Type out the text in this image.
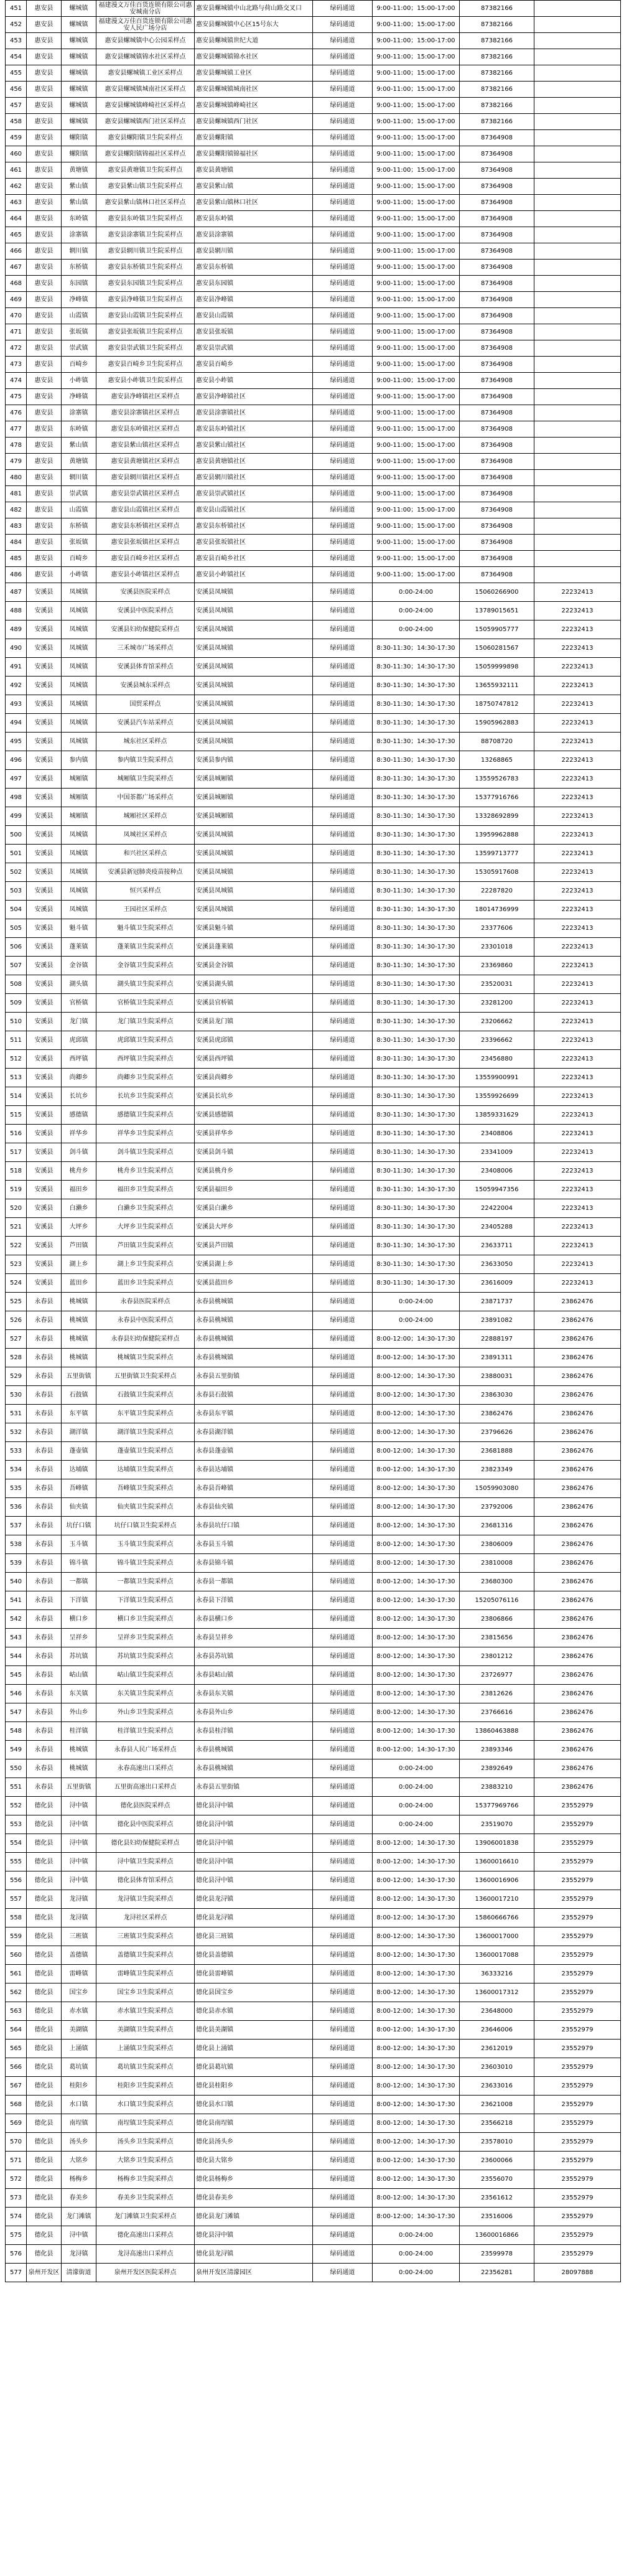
451	惠安县	螺城镇	福建漫文万佳百货连锁有限公司惠安城南分店	惠安县螺城镇中山北路与荷山路交叉口	绿码通道	9:00-11:00；15:00-17:00	87382166	
452	惠安县	螺城镇	福建漫文万佳百货连锁有限公司惠安人民广场分店	惠安县螺城镇中心区15号东大	绿码通道	9:00-11:00；15:00-17:00	87382166	
453	惠安县	螺城镇	惠安县螺城镇中心公园采样点	惠安县螺城镇世纪大道	绿码通道	9:00-11:00；15:00-17:00	87382166	
454	惠安县	螺城镇	惠安县螺城镇锦水社区采样点	惠安县螺城镇锦水社区	绿码通道	9:00-11:00；15:00-17:00	87382166	
455	惠安县	螺城镇	惠安县螺城镇工业区采样点	惠安县螺城镇工业区	绿码通道	9:00-11:00；15:00-17:00	87382166	
456	惠安县	螺城镇	惠安县螺城镇城南社区采样点	惠安县螺城镇城南社区	绿码通道	9:00-11:00；15:00-17:00	87382166	
457	惠安县	螺城镇	惠安县螺城镇峰崎社区采样点	惠安县螺城镇峰崎社区	绿码通道	9:00-11:00；15:00-17:00	87382166	
458	惠安县	螺城镇	惠安县螺城镇西门社区采样点	惠安县螺城镇西门社区	绿码通道	9:00-11:00；15:00-17:00	87382166	
459	惠安县	螺阳镇	惠安县螺阳镇卫生院采样点	惠安县螺阳镇	绿码通道	9:00-11:00；15:00-17:00	87364908	
460	惠安县	螺阳镇	惠安县螺阳镇锦福社区采样点	惠安县螺阳镇锦福社区	绿码通道	9:00-11:00；15:00-17:00	87364908	
461	惠安县	黄塘镇	惠安县黄塘镇卫生院采样点	惠安县黄塘镇	绿码通道	9:00-11:00；15:00-17:00	87364908	
462	惠安县	紫山镇	惠安县紫山镇卫生院采样点	惠安县紫山镇	绿码通道	9:00-11:00；15:00-17:00	87364908	
463	惠安县	紫山镇	惠安县紫山镇林口社区采样点	惠安县紫山镇林口社区	绿码通道	9:00-11:00；15:00-17:00	87364908	
464	惠安县	东岭镇	惠安县东岭镇卫生院采样点	惠安县东岭镇	绿码通道	9:00-11:00；15:00-17:00	87364908	
465	惠安县	涂寨镇	惠安县涂寨镇卫生院采样点	惠安县涂寨镇	绿码通道	9:00-11:00；15:00-17:00	87364908	
466	惠安县	辋川镇	惠安县辋川镇卫生院采样点	惠安县辋川镇	绿码通道	9:00-11:00；15:00-17:00	87364908	
467	惠安县	东桥镇	惠安县东桥镇卫生院采样点	惠安县东桥镇	绿码通道	9:00-11:00；15:00-17:00	87364908	
468	惠安县	东园镇	惠安县东园镇卫生院采样点	惠安县东园镇	绿码通道	9:00-11:00；15:00-17:00	87364908	
469	惠安县	净峰镇	惠安县净峰镇卫生院采样点	惠安县净峰镇	绿码通道	9:00-11:00；15:00-17:00	87364908	
470	惠安县	山霞镇	惠安县山霞镇卫生院采样点	惠安县山霞镇	绿码通道	9:00-11:00；15:00-17:00	87364908	
471	惠安县	张坂镇	惠安县张坂镇卫生院采样点	惠安县张坂镇	绿码通道	9:00-11:00；15:00-17:00	87364908	
472	惠安县	崇武镇	惠安县崇武镇卫生院采样点	惠安县崇武镇	绿码通道	9:00-11:00；15:00-17:00	87364908	
473	惠安县	百崎乡	惠安县百崎乡卫生院采样点	惠安县百崎乡	绿码通道	9:00-11:00；15:00-17:00	87364908	
474	惠安县	小岞镇	惠安县小岞镇卫生院采样点	惠安县小岞镇	绿码通道	9:00-11:00；15:00-17:00	87364908	
475	惠安县	净峰镇	惠安县净峰镇社区采样点	惠安县净峰镇社区	绿码通道	9:00-11:00；15:00-17:00	87364908	
476	惠安县	涂寨镇	惠安县涂寨镇社区采样点	惠安县涂寨镇社区	绿码通道	9:00-11:00；15:00-17:00	87364908	
477	惠安县	东岭镇	惠安县东岭镇社区采样点	惠安县东岭镇社区	绿码通道	9:00-11:00；15:00-17:00	87364908	
478	惠安县	紫山镇	惠安县紫山镇社区采样点	惠安县紫山镇社区	绿码通道	9:00-11:00；15:00-17:00	87364908	
479	惠安县	黄塘镇	惠安县黄塘镇社区采样点	惠安县黄塘镇社区	绿码通道	9:00-11:00；15:00-17:00	87364908	
480	惠安县	辋川镇	惠安县辋川镇社区采样点	惠安县辋川镇社区	绿码通道	9:00-11:00；15:00-17:00	87364908	
481	惠安县	崇武镇	惠安县崇武镇社区采样点	惠安县崇武镇社区	绿码通道	9:00-11:00；15:00-17:00	87364908	
482	惠安县	山霞镇	惠安县山霞镇社区采样点	惠安县山霞镇社区	绿码通道	9:00-11:00；15:00-17:00	87364908	
483	惠安县	东桥镇	惠安县东桥镇社区采样点	惠安县东桥镇社区	绿码通道	9:00-11:00；15:00-17:00	87364908	
484	惠安县	张坂镇	惠安县张坂镇社区采样点	惠安县张坂镇社区	绿码通道	9:00-11:00；15:00-17:00	87364908	
485	惠安县	百崎乡	惠安县百崎乡社区采样点	惠安县百崎乡社区	绿码通道	9:00-11:00；15:00-17:00	87364908	
486	惠安县	小岞镇	惠安县小岞镇社区采样点	惠安县小岞镇社区	绿码通道	9:00-11:00；15:00-17:00	87364908	
487	安溪县	凤城镇	安溪县医院采样点	安溪县凤城镇	绿码通道	0:00-24:00	15060266900	22232413
488	安溪县	凤城镇	安溪县中医院采样点	安溪县凤城镇	绿码通道	0:00-24:00	13789015651	22232413
489	安溪县	凤城镇	安溪县妇幼保健院采样点	安溪县凤城镇	绿码通道	0:00-24:00	15059905777	22232413
490	安溪县	凤城镇	三禾城市广场采样点	安溪县凤城镇	绿码通道	8:30-11:30；14:30-17:30	15060281567	22232413
491	安溪县	凤城镇	安溪县体育馆采样点	安溪县凤城镇	绿码通道	8:30-11:30；14:30-17:30	15059999898	22232413
492	安溪县	凤城镇	安溪县城东采样点	安溪县凤城镇	绿码通道	8:30-11:30；14:30-17:30	13655932111	22232413
493	安溪县	凤城镇	国贸采样点	安溪县凤城镇	绿码通道	8:30-11:30；14:30-17:30	18750747812	22232413
494	安溪县	凤城镇	安溪县汽车站采样点	安溪县凤城镇	绿码通道	8:30-11:30；14:30-17:30	15905962883	22232413
495	安溪县	凤城镇	城东社区采样点	安溪县凤城镇	绿码通道	8:30-11:30；14:30-17:30	88708720	22232413
496	安溪县	参内镇	参内镇卫生院采样点	安溪县参内镇	绿码通道	8:30-11:30；14:30-17:30	13268865	22232413
497	安溪县	城厢镇	城厢镇卫生院采样点	安溪县城厢镇	绿码通道	8:30-11:30；14:30-17:30	13559526783	22232413
498	安溪县	城厢镇	中国茶都广场采样点	安溪县城厢镇	绿码通道	8:30-11:30；14:30-17:30	15377916766	22232413
499	安溪县	城厢镇	城厢社区采样点	安溪县城厢镇	绿码通道	8:30-11:30；14:30-17:30	13328692899	22232413
500	安溪县	凤城镇	凤城社区采样点	安溪县凤城镇	绿码通道	8:30-11:30；14:30-17:30	13959962888	22232413
501	安溪县	凤城镇	和兴社区采样点	安溪县凤城镇	绿码通道	8:30-11:30；14:30-17:30	13599713777	22232413
502	安溪县	凤城镇	安溪县新冠肺炎疫苗接种点	安溪县凤城镇	绿码通道	8:30-11:30；14:30-17:30	15305917608	22232413
503	安溪县	凤城镇	恒兴采样点	安溪县凤城镇	绿码通道	8:30-11:30；14:30-17:30	22287820	22232413
504	安溪县	凤城镇	王园社区采样点	安溪县凤城镇	绿码通道	8:30-11:30；14:30-17:30	18014736999	22232413
505	安溪县	魁斗镇	魁斗镇卫生院采样点	安溪县魁斗镇	绿码通道	8:30-11:30；14:30-17:30	23377606	22232413
506	安溪县	蓬莱镇	蓬莱镇卫生院采样点	安溪县蓬莱镇	绿码通道	8:30-11:30；14:30-17:30	23301018	22232413
507	安溪县	金谷镇	金谷镇卫生院采样点	安溪县金谷镇	绿码通道	8:30-11:30；14:30-17:30	23369860	22232413
508	安溪县	湖头镇	湖头镇卫生院采样点	安溪县湖头镇	绿码通道	8:30-11:30；14:30-17:30	23520031	22232413
509	安溪县	官桥镇	官桥镇卫生院采样点	安溪县官桥镇	绿码通道	8:30-11:30；14:30-17:30	23281200	22232413
510	安溪县	龙门镇	龙门镇卫生院采样点	安溪县龙门镇	绿码通道	8:30-11:30；14:30-17:30	23206662	22232413
511	安溪县	虎邱镇	虎邱镇卫生院采样点	安溪县虎邱镇	绿码通道	8:30-11:30；14:30-17:30	23396662	22232413
512	安溪县	西坪镇	西坪镇卫生院采样点	安溪县西坪镇	绿码通道	8:30-11:30；14:30-17:30	23456880	22232413
513	安溪县	尚卿乡	尚卿乡卫生院采样点	安溪县尚卿乡	绿码通道	8:30-11:30；14:30-17:30	13559900991	22232413
514	安溪县	长坑乡	长坑乡卫生院采样点	安溪县长坑乡	绿码通道	8:30-11:30；14:30-17:30	13559926699	22232413
515	安溪县	感德镇	感德镇卫生院采样点	安溪县感德镇	绿码通道	8:30-11:30；14:30-17:30	13859331629	22232413
516	安溪县	祥华乡	祥华乡卫生院采样点	安溪县祥华乡	绿码通道	8:30-11:30；14:30-17:30	23408806	22232413
517	安溪县	剑斗镇	剑斗镇卫生院采样点	安溪县剑斗镇	绿码通道	8:30-11:30；14:30-17:30	23341009	22232413
518	安溪县	桃舟乡	桃舟乡卫生院采样点	安溪县桃舟乡	绿码通道	8:30-11:30；14:30-17:30	23408006	22232413
519	安溪县	福田乡	福田乡卫生院采样点	安溪县福田乡	绿码通道	8:30-11:30；14:30-17:30	15059947356	22232413
520	安溪县	白濑乡	白濑乡卫生院采样点	安溪县白濑乡	绿码通道	8:30-11:30；14:30-17:30	22422004	22232413
521	安溪县	大坪乡	大坪乡卫生院采样点	安溪县大坪乡	绿码通道	8:30-11:30；14:30-17:30	23405288	22232413
522	安溪县	芦田镇	芦田镇卫生院采样点	安溪县芦田镇	绿码通道	8:30-11:30；14:30-17:30	23633711	22232413
523	安溪县	湖上乡	湖上乡卫生院采样点	安溪县湖上乡	绿码通道	8:30-11:30；14:30-17:30	23633050	22232413
524	安溪县	蓝田乡	蓝田乡卫生院采样点	安溪县蓝田乡	绿码通道	8:30-11:30；14:30-17:30	23616009	22232413
525	永春县	桃城镇	永春县医院采样点	永春县桃城镇	绿码通道	0:00-24:00	23871737	23862476
526	永春县	桃城镇	永春县中医院采样点	永春县桃城镇	绿码通道	0:00-24:00	23891082	23862476
527	永春县	桃城镇	永春县妇幼保健院采样点	永春县桃城镇	绿码通道	8:00-12:00；14:30-17:30	22888197	23862476
528	永春县	桃城镇	桃城镇卫生院采样点	永春县桃城镇	绿码通道	8:00-12:00；14:30-17:30	23891311	23862476
529	永春县	五里街镇	五里街镇卫生院采样点	永春县五里街镇	绿码通道	8:00-12:00；14:30-17:30	23880031	23862476
530	永春县	石鼓镇	石鼓镇卫生院采样点	永春县石鼓镇	绿码通道	8:00-12:00；14:30-17:30	23863030	23862476
531	永春县	东平镇	东平镇卫生院采样点	永春县东平镇	绿码通道	8:00-12:00；14:30-17:30	23862476	23862476
532	永春县	湖洋镇	湖洋镇卫生院采样点	永春县湖洋镇	绿码通道	8:00-12:00；14:30-17:30	23796626	23862476
533	永春县	蓬壶镇	蓬壶镇卫生院采样点	永春县蓬壶镇	绿码通道	8:00-12:00；14:30-17:30	23681888	23862476
534	永春县	达埔镇	达埔镇卫生院采样点	永春县达埔镇	绿码通道	8:00-12:00；14:30-17:30	23823349	23862476
535	永春县	吾峰镇	吾峰镇卫生院采样点	永春县吾峰镇	绿码通道	8:00-12:00；14:30-17:30	15059903080	23862476
536	永春县	仙夹镇	仙夹镇卫生院采样点	永春县仙夹镇	绿码通道	8:00-12:00；14:30-17:30	23792006	23862476
537	永春县	坑仔口镇	坑仔口镇卫生院采样点	永春县坑仔口镇	绿码通道	8:00-12:00；14:30-17:30	23681316	23862476
538	永春县	玉斗镇	玉斗镇卫生院采样点	永春县玉斗镇	绿码通道	8:00-12:00；14:30-17:30	23806009	23862476
539	永春县	锦斗镇	锦斗镇卫生院采样点	永春县锦斗镇	绿码通道	8:00-12:00；14:30-17:30	23810008	23862476
540	永春县	一都镇	一都镇卫生院采样点	永春县一都镇	绿码通道	8:00-12:00；14:30-17:30	23680300	23862476
541	永春县	下洋镇	下洋镇卫生院采样点	永春县下洋镇	绿码通道	8:00-12:00；14:30-17:30	15205076116	23862476
542	永春县	横口乡	横口乡卫生院采样点	永春县横口乡	绿码通道	8:00-12:00；14:30-17:30	23806866	23862476
543	永春县	呈祥乡	呈祥乡卫生院采样点	永春县呈祥乡	绿码通道	8:00-12:00；14:30-17:30	23815656	23862476
544	永春县	苏坑镇	苏坑镇卫生院采样点	永春县苏坑镇	绿码通道	8:00-12:00；14:30-17:30	23801212	23862476
545	永春县	岵山镇	岵山镇卫生院采样点	永春县岵山镇	绿码通道	8:00-12:00；14:30-17:30	23726977	23862476
546	永春县	东关镇	东关镇卫生院采样点	永春县东关镇	绿码通道	8:00-12:00；14:30-17:30	23812626	23862476
547	永春县	外山乡	外山乡卫生院采样点	永春县外山乡	绿码通道	8:00-12:00；14:30-17:30	23766616	23862476
548	永春县	桂洋镇	桂洋镇卫生院采样点	永春县桂洋镇	绿码通道	8:00-12:00；14:30-17:30	13860463888	23862476
549	永春县	桃城镇	永春县人民广场采样点	永春县桃城镇	绿码通道	8:00-12:00；14:30-17:30	23893346	23862476
550	永春县	桃城镇	永春高速出口采样点	永春县桃城镇	绿码通道	0:00-24:00	23892649	23862476
551	永春县	五里街镇	五里街高速出口采样点	永春县五里街镇	绿码通道	0:00-24:00	23883210	23862476
552	德化县	浔中镇	德化县医院采样点	德化县浔中镇	绿码通道	0:00-24:00	15377969766	23552979
553	德化县	浔中镇	德化县中医院采样点	德化县浔中镇	绿码通道	0:00-24:00	23519070	23552979
554	德化县	浔中镇	德化县妇幼保健院采样点	德化县浔中镇	绿码通道	8:00-12:00；14:30-17:30	13906001838	23552979
555	德化县	浔中镇	浔中镇卫生院采样点	德化县浔中镇	绿码通道	8:00-12:00；14:30-17:30	13600016610	23552979
556	德化县	浔中镇	德化县体育馆采样点	德化县浔中镇	绿码通道	8:00-12:00；14:30-17:30	13600016906	23552979
557	德化县	龙浔镇	龙浔镇卫生院采样点	德化县龙浔镇	绿码通道	8:00-12:00；14:30-17:30	13600017210	23552979
558	德化县	龙浔镇	龙浔社区采样点	德化县龙浔镇	绿码通道	8:00-12:00；14:30-17:30	15860666766	23552979
559	德化县	三班镇	三班镇卫生院采样点	德化县三班镇	绿码通道	8:00-12:00；14:30-17:30	13600017000	23552979
560	德化县	盖德镇	盖德镇卫生院采样点	德化县盖德镇	绿码通道	8:00-12:00；14:30-17:30	13600017088	23552979
561	德化县	雷峰镇	雷峰镇卫生院采样点	德化县雷峰镇	绿码通道	8:00-12:00；14:30-17:30	36333216	23552979
562	德化县	国宝乡	国宝乡卫生院采样点	德化县国宝乡	绿码通道	8:00-12:00；14:30-17:30	13600017312	23552979
563	德化县	赤水镇	赤水镇卫生院采样点	德化县赤水镇	绿码通道	8:00-12:00；14:30-17:30	23648000	23552979
564	德化县	美湖镇	美湖镇卫生院采样点	德化县美湖镇	绿码通道	8:00-12:00；14:30-17:30	23646006	23552979
565	德化县	上涌镇	上涌镇卫生院采样点	德化县上涌镇	绿码通道	8:00-12:00；14:30-17:30	23612019	23552979
566	德化县	葛坑镇	葛坑镇卫生院采样点	德化县葛坑镇	绿码通道	8:00-12:00；14:30-17:30	23603010	23552979
567	德化县	桂阳乡	桂阳乡卫生院采样点	德化县桂阳乡	绿码通道	8:00-12:00；14:30-17:30	23633016	23552979
568	德化县	水口镇	水口镇卫生院采样点	德化县水口镇	绿码通道	8:00-12:00；14:30-17:30	23621008	23552979
569	德化县	南埕镇	南埕镇卫生院采样点	德化县南埕镇	绿码通道	8:00-12:00；14:30-17:30	23566218	23552979
570	德化县	汤头乡	汤头乡卫生院采样点	德化县汤头乡	绿码通道	8:00-12:00；14:30-17:30	23578010	23552979
571	德化县	大铭乡	大铭乡卫生院采样点	德化县大铭乡	绿码通道	8:00-12:00；14:30-17:30	23600066	23552979
572	德化县	杨梅乡	杨梅乡卫生院采样点	德化县杨梅乡	绿码通道	8:00-12:00；14:30-17:30	23556070	23552979
573	德化县	春美乡	春美乡卫生院采样点	德化县春美乡	绿码通道	8:00-12:00；14:30-17:30	23561612	23552979
574	德化县	龙门滩镇	龙门滩镇卫生院采样点	德化县龙门滩镇	绿码通道	8:00-12:00；14:30-17:30	23516006	23552979
575	德化县	浔中镇	德化高速出口采样点	德化县浔中镇	绿码通道	0:00-24:00	13600016866	23552979
576	德化县	龙浔镇	龙浔高速出口采样点	德化县龙浔镇	绿码通道	0:00-24:00	23599978	23552979
577	泉州开发区	清濛街道	泉州开发区医院采样点	泉州开发区清濛园区	绿码通道	0:00-24:00	22356281	28097888
